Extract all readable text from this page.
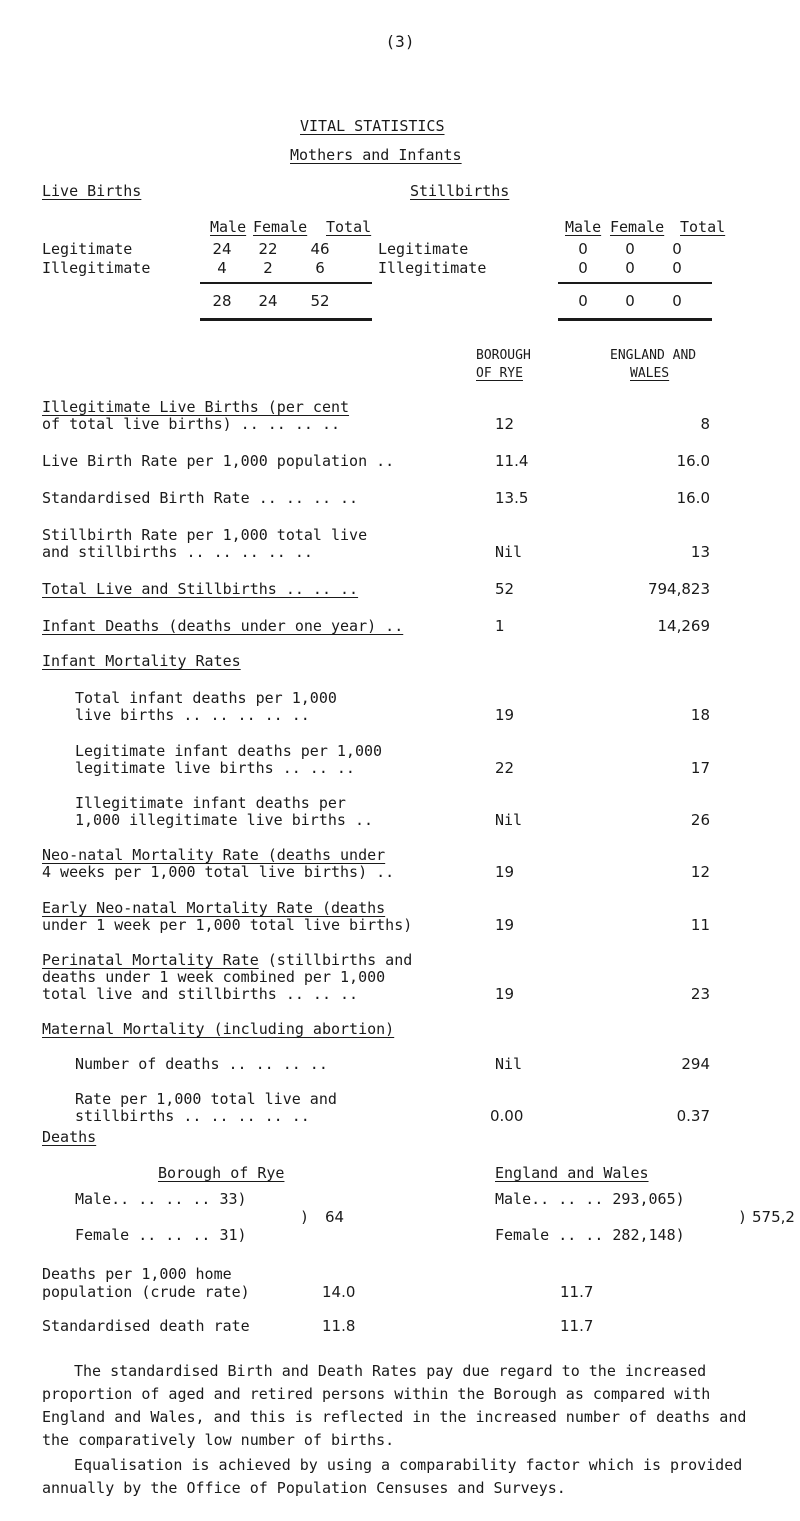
(3)
VITAL STATISTICS
Mothers and Infants
Live Births	Stillbirths
Male Female Total
Legitimate	24	22	46
Illegitimate	4	2	6
28	24	52
Male Female Total
Legitimate	0	0	0
Illegitimate	0	0	0
0	0	0
BOROUGH
OF RYE
ENGLAND AND
WALES
Illegitimate Live Births (per cent
of total live births) .. .. .. ..	12	8
Live Birth Rate per 1,000 population ..	11.4	16.0
Standardised Birth Rate .. .. .. ..	13.5	16.0
Stillbirth Rate per 1,000 total live
and stillbirths .. .. .. .. ..	Nil	13
Total Live and Stillbirths .. .. ..	52	794,823
Infant Deaths (deaths under one year) ..	1	14,269
Infant Mortality Rates
Total infant deaths per 1,000
live births .. .. .. .. ..	19	18
Legitimate infant deaths per 1,000
legitimate live births .. .. ..	22	17
Illegitimate infant deaths per
1,000 illegitimate live births ..	Nil	26
Neo-natal Mortality Rate (deaths under
4 weeks per 1,000 total live births) ..	19	12
Early Neo-natal Mortality Rate (deaths
under 1 week per 1,000 total live births)	19	11
Perinatal Mortality Rate (stillbirths and
deaths under 1 week combined per 1,000
total live and stillbirths .. .. ..	19	23
Maternal Mortality (including abortion)
Number of deaths .. .. .. ..	Nil	294
Rate per 1,000 total live and
stillbirths .. .. .. .. ..	0.00	0.37
Deaths
Borough of Rye	England and Wales
Male.. .. .. .. 33)
) 64
Female .. .. .. 31)
Male.. .. .. 293,065)
) 575,2
Female .. .. 282,148)
Deaths per 1,000 home
population (crude rate)	14.0	11.7
Standardised death rate	11.8	11.7
The standardised Birth and Death Rates pay due regard to the increased proportion of aged and retired persons within the Borough as compared with England and Wales, and this is reflected in the increased number of deaths and the comparatively low number of births.
Equalisation is achieved by using a comparability factor which is provided annually by the Office of Population Censuses and Surveys.
